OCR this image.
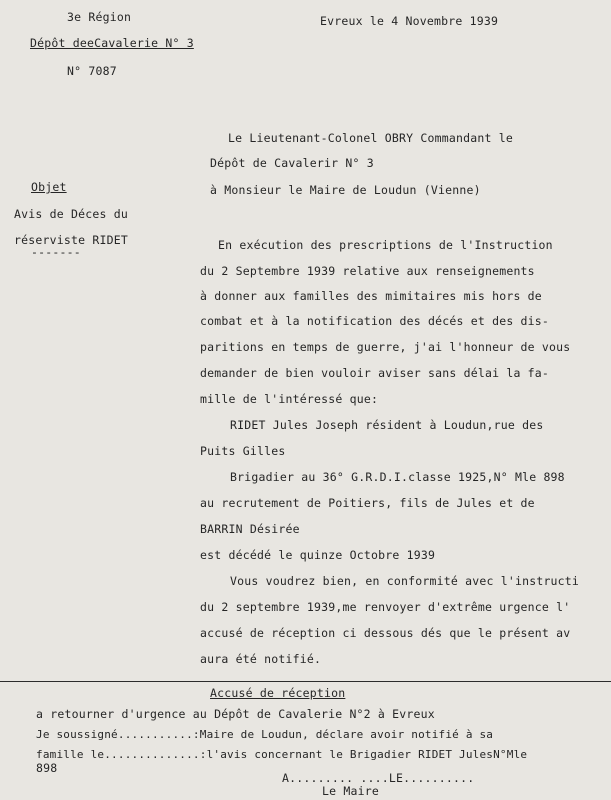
3e Région
Dépôt deeCavalerie N° 3
N° 7087
Evreux le 4 Novembre 1939
Le Lieutenant-Colonel OBRY Commandant le
Dépôt de Cavalerir N° 3
à Monsieur le Maire de Loudun (Vienne)
Objet
Avis de Déces du
réserviste RIDET
-------	En exécution des prescriptions de l'Instruction
du 2 Septembre 1939 relative aux renseignements
à donner aux familles des mimitaires mis hors de
combat et à la notification des décés et des dis-
paritions en temps de guerre, j'ai l'honneur de vous
demander de bien vouloir aviser sans délai la fa-
mille de l'intéressé que:
RIDET Jules Joseph résident à Loudun,rue des
Puits Gilles
Brigadier au 36° G.R.D.I.classe 1925,N° Mle 898
au recrutement de Poitiers, fils de Jules et de
BARRIN Désirée
est décédé le quinze Octobre 1939
Vous voudrez bien, en conformité avec l'instructi
du 2 septembre 1939,me renvoyer d'extrême urgence l'
accusé de réception ci dessous dés que le présent av
aura été notifié.
Accusé de réception
a retourner d'urgence au Dépôt de Cavalerie N°2 à Evreux
Je soussigné...........:Maire de Loudun, déclare avoir notifié à sa
famille le..............:l'avis concernant le Brigadier RIDET JulesN°Mle
898
A......... ....LE..........
Le Maire
